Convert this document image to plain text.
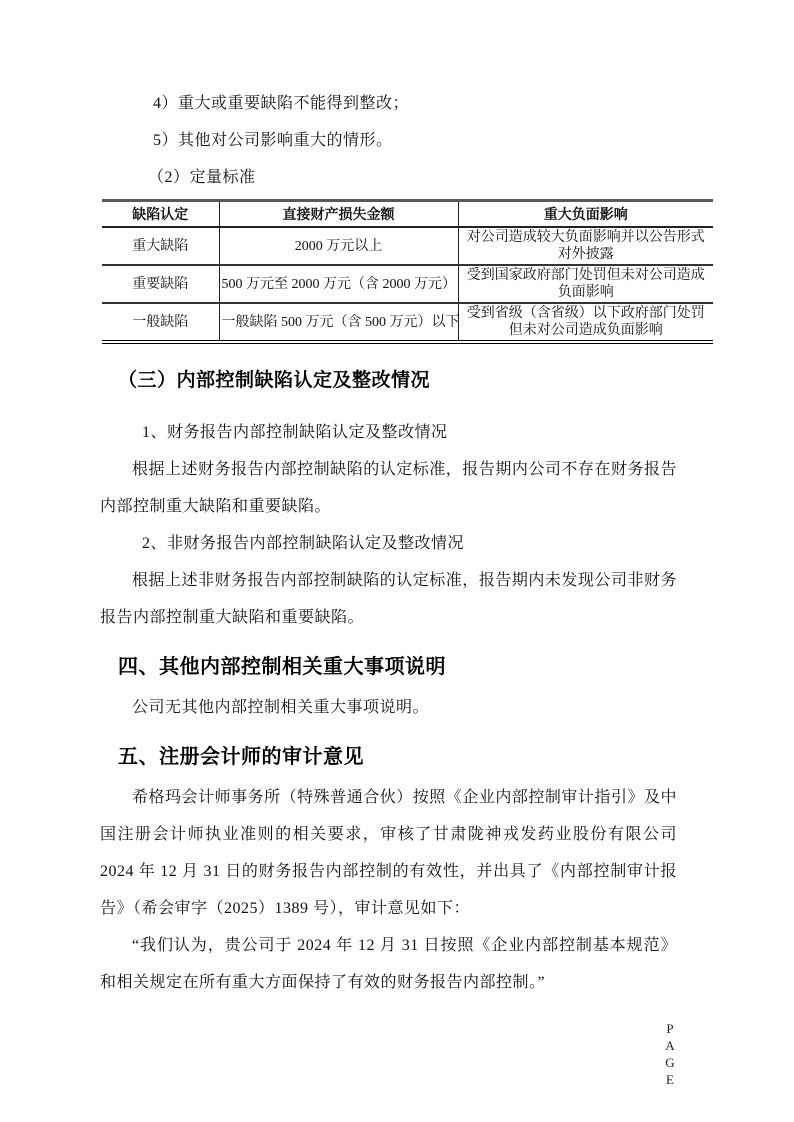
4）重大或重要缺陷不能得到整改；

5）其他对公司影响重大的情形。

（2）定量标准

缺陷认定	直接财产损失金额	重大负面影响
重大缺陷	2000 万元以上	对公司造成较大负面影响并以公告形式对外披露
重要缺陷	500 万元至 2000 万元（含 2000 万元）	受到国家政府部门处罚但未对公司造成负面影响
一般缺陷	一般缺陷 500 万元（含 500 万元）以下	受到省级（含省级）以下政府部门处罚但未对公司造成负面影响
（三）内部控制缺陷认定及整改情况

1、财务报告内部控制缺陷认定及整改情况

根据上述财务报告内部控制缺陷的认定标准，报告期内公司不存在财务报告内部控制重大缺陷和重要缺陷。

2、非财务报告内部控制缺陷认定及整改情况

根据上述非财务报告内部控制缺陷的认定标准，报告期内未发现公司非财务报告内部控制重大缺陷和重要缺陷。

四、其他内部控制相关重大事项说明

公司无其他内部控制相关重大事项说明。

五、注册会计师的审计意见

希格玛会计师事务所（特殊普通合伙）按照《企业内部控制审计指引》及中国注册会计师执业准则的相关要求，审核了甘肃陇神戎发药业股份有限公司 2024 年 12 月 31 日的财务报告内部控制的有效性，并出具了《内部控制审计报告》（希会审字（2025）1389 号），审计意见如下：

“我们认为，贵公司于 2024 年 12 月 31 日按照《企业内部控制基本规范》和相关规定在所有重大方面保持了有效的财务报告内部控制。”

PAGE
